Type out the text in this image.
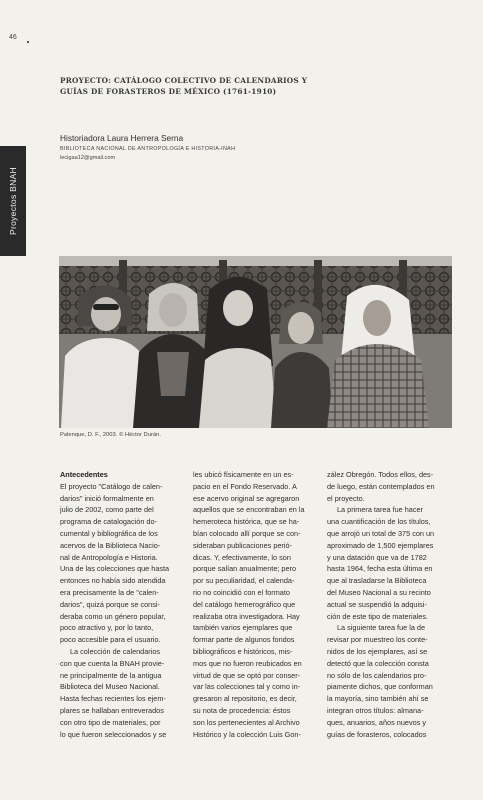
46
Proyectos BNAH
PROYECTO: CATÁLOGO COLECTIVO DE CALENDARIOS Y
GUÍAS DE FORASTEROS DE MÉXICO (1761-1910)
Historiadora Laura Herrera Serna
BIBLIOTECA NACIONAL DE ANTROPOLOGÍA E HISTORIA-INAH
lecigaa12@gmail.com
Palenque, D. F., 2003. © Héctor Durán.

Antecedentes

El proyecto "Catálogo de calen-

darios" inició formalmente en

julio de 2002, como parte del

programa de catalogación do-

cumental y bibliográfica de los

acervos de la Biblioteca Nacio-

nal de Antropología e Historia.

Una de las colecciones que hasta

entonces no había sido atendida

era precisamente la de "calen-

darios", quizá porque se consi-

deraba como un género popular,

poco atractivo y, por lo tanto,

poco accesible para el usuario.

La colección de calendarios

con que cuenta la BNAH provie-

ne principalmente de la antigua

Biblioteca del Museo Nacional.

Hasta fechas recientes los ejem-

plares se hallaban entreverados

con otro tipo de materiales, por

lo que fueron seleccionados y se

les ubicó físicamente en un es-

pacio en el Fondo Reservado. A

ese acervo original se agregaron

aquellos que se encontraban en la

hemeroteca histórica, que se ha-

bían colocado allí porque se con-

sideraban publicaciones perió-

dicas. Y, efectivamente, lo son

porque salían anualmente; pero

por su peculiaridad, el calenda-

rio no coincidió con el formato

del catálogo hemerográfico que

realizaba otra investigadora. Hay

también varios ejemplares que

formar parte de algunos fondos

bibliográficos e históricos, mis-

mos que no fueron reubicados en

virtud de que se optó por conser-

var las colecciones tal y como in-

gresaron al repositorio, es decir,

su nota de procedencia: éstos

son los pertenecientes al Archivo

Histórico y la colección Luis Gon-

zález Obregón. Todos ellos, des-

de luego, están contemplados en

el proyecto.

La primera tarea fue hacer

una cuantificación de los títulos,

que arrojó un total de 375 con un

aproximado de 1,500 ejemplares

y una datación que va de 1782

hasta 1964, fecha esta última en

que al trasladarse la Biblioteca

del Museo Nacional a su recinto

actual se suspendió la adquisi-

ción de este tipo de materiales.

La siguiente tarea fue la de

revisar por muestreo los conte-

nidos de los ejemplares, así se

detectó que la colección consta

no sólo de los calendarios pro-

piamente dichos, que conforman

la mayoría, sino también ahí se

integran otros títulos: almana-

ques, anuarios, años nuevos y

guías de forasteros, colocados
